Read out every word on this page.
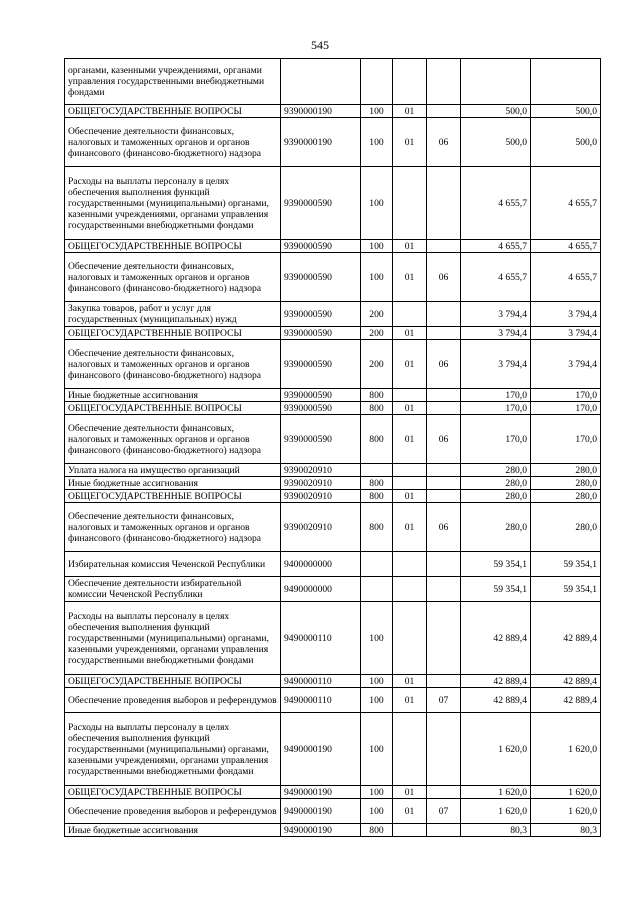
545
органами, казенными учреждениями, органами управления государственными внебюджетными фондами						

ОБЩЕГОСУДАРСТВЕННЫЕ ВОПРОСЫ	9390000190	100	01		500,0	500,0

Обеспечение деятельности финансовых, налоговых и таможенных органов и органов финансового (финансово-бюджетного) надзора	9390000190	100	01	06	500,0	500,0

Расходы на выплаты персоналу в целях обеспечения выполнения функций государственными (муниципальными) органами, казенными учреждениями, органами управления государственными внебюджетными фондами	9390000590	100			4 655,7	4 655,7

ОБЩЕГОСУДАРСТВЕННЫЕ ВОПРОСЫ	9390000590	100	01		4 655,7	4 655,7

Обеспечение деятельности финансовых, налоговых и таможенных органов и органов финансового (финансово-бюджетного) надзора	9390000590	100	01	06	4 655,7	4 655,7

Закупка товаров, работ и услуг для государственных (муниципальных) нужд	9390000590	200			3 794,4	3 794,4

ОБЩЕГОСУДАРСТВЕННЫЕ ВОПРОСЫ	9390000590	200	01		3 794,4	3 794,4

Обеспечение деятельности финансовых, налоговых и таможенных органов и органов финансового (финансово-бюджетного) надзора	9390000590	200	01	06	3 794,4	3 794,4

Иные бюджетные ассигнования	9390000590	800			170,0	170,0

ОБЩЕГОСУДАРСТВЕННЫЕ ВОПРОСЫ	9390000590	800	01		170,0	170,0

Обеспечение деятельности финансовых, налоговых и таможенных органов и органов финансового (финансово-бюджетного) надзора	9390000590	800	01	06	170,0	170,0

Уплата налога на имущество организаций	9390020910				280,0	280,0

Иные бюджетные ассигнования	9390020910	800			280,0	280,0

ОБЩЕГОСУДАРСТВЕННЫЕ ВОПРОСЫ	9390020910	800	01		280,0	280,0

Обеспечение деятельности финансовых, налоговых и таможенных органов и органов финансового (финансово-бюджетного) надзора	9390020910	800	01	06	280,0	280,0

Избирательная комиссия Чеченской Республики	9400000000				59 354,1	59 354,1

Обеспечение деятельности избирательной комиссии Чеченской Республики	9490000000				59 354,1	59 354,1

Расходы на выплаты персоналу в целях обеспечения выполнения функций государственными (муниципальными) органами, казенными учреждениями, органами управления государственными внебюджетными фондами	9490000110	100			42 889,4	42 889,4

ОБЩЕГОСУДАРСТВЕННЫЕ ВОПРОСЫ	9490000110	100	01		42 889,4	42 889,4

Обеспечение проведения выборов и референдумов	9490000110	100	01	07	42 889,4	42 889,4

Расходы на выплаты персоналу в целях обеспечения выполнения функций государственными (муниципальными) органами, казенными учреждениями, органами управления государственными внебюджетными фондами	9490000190	100			1 620,0	1 620,0

ОБЩЕГОСУДАРСТВЕННЫЕ ВОПРОСЫ	9490000190	100	01		1 620,0	1 620,0

Обеспечение проведения выборов и референдумов	9490000190	100	01	07	1 620,0	1 620,0

Иные бюджетные ассигнования	9490000190	800			80,3	80,3
